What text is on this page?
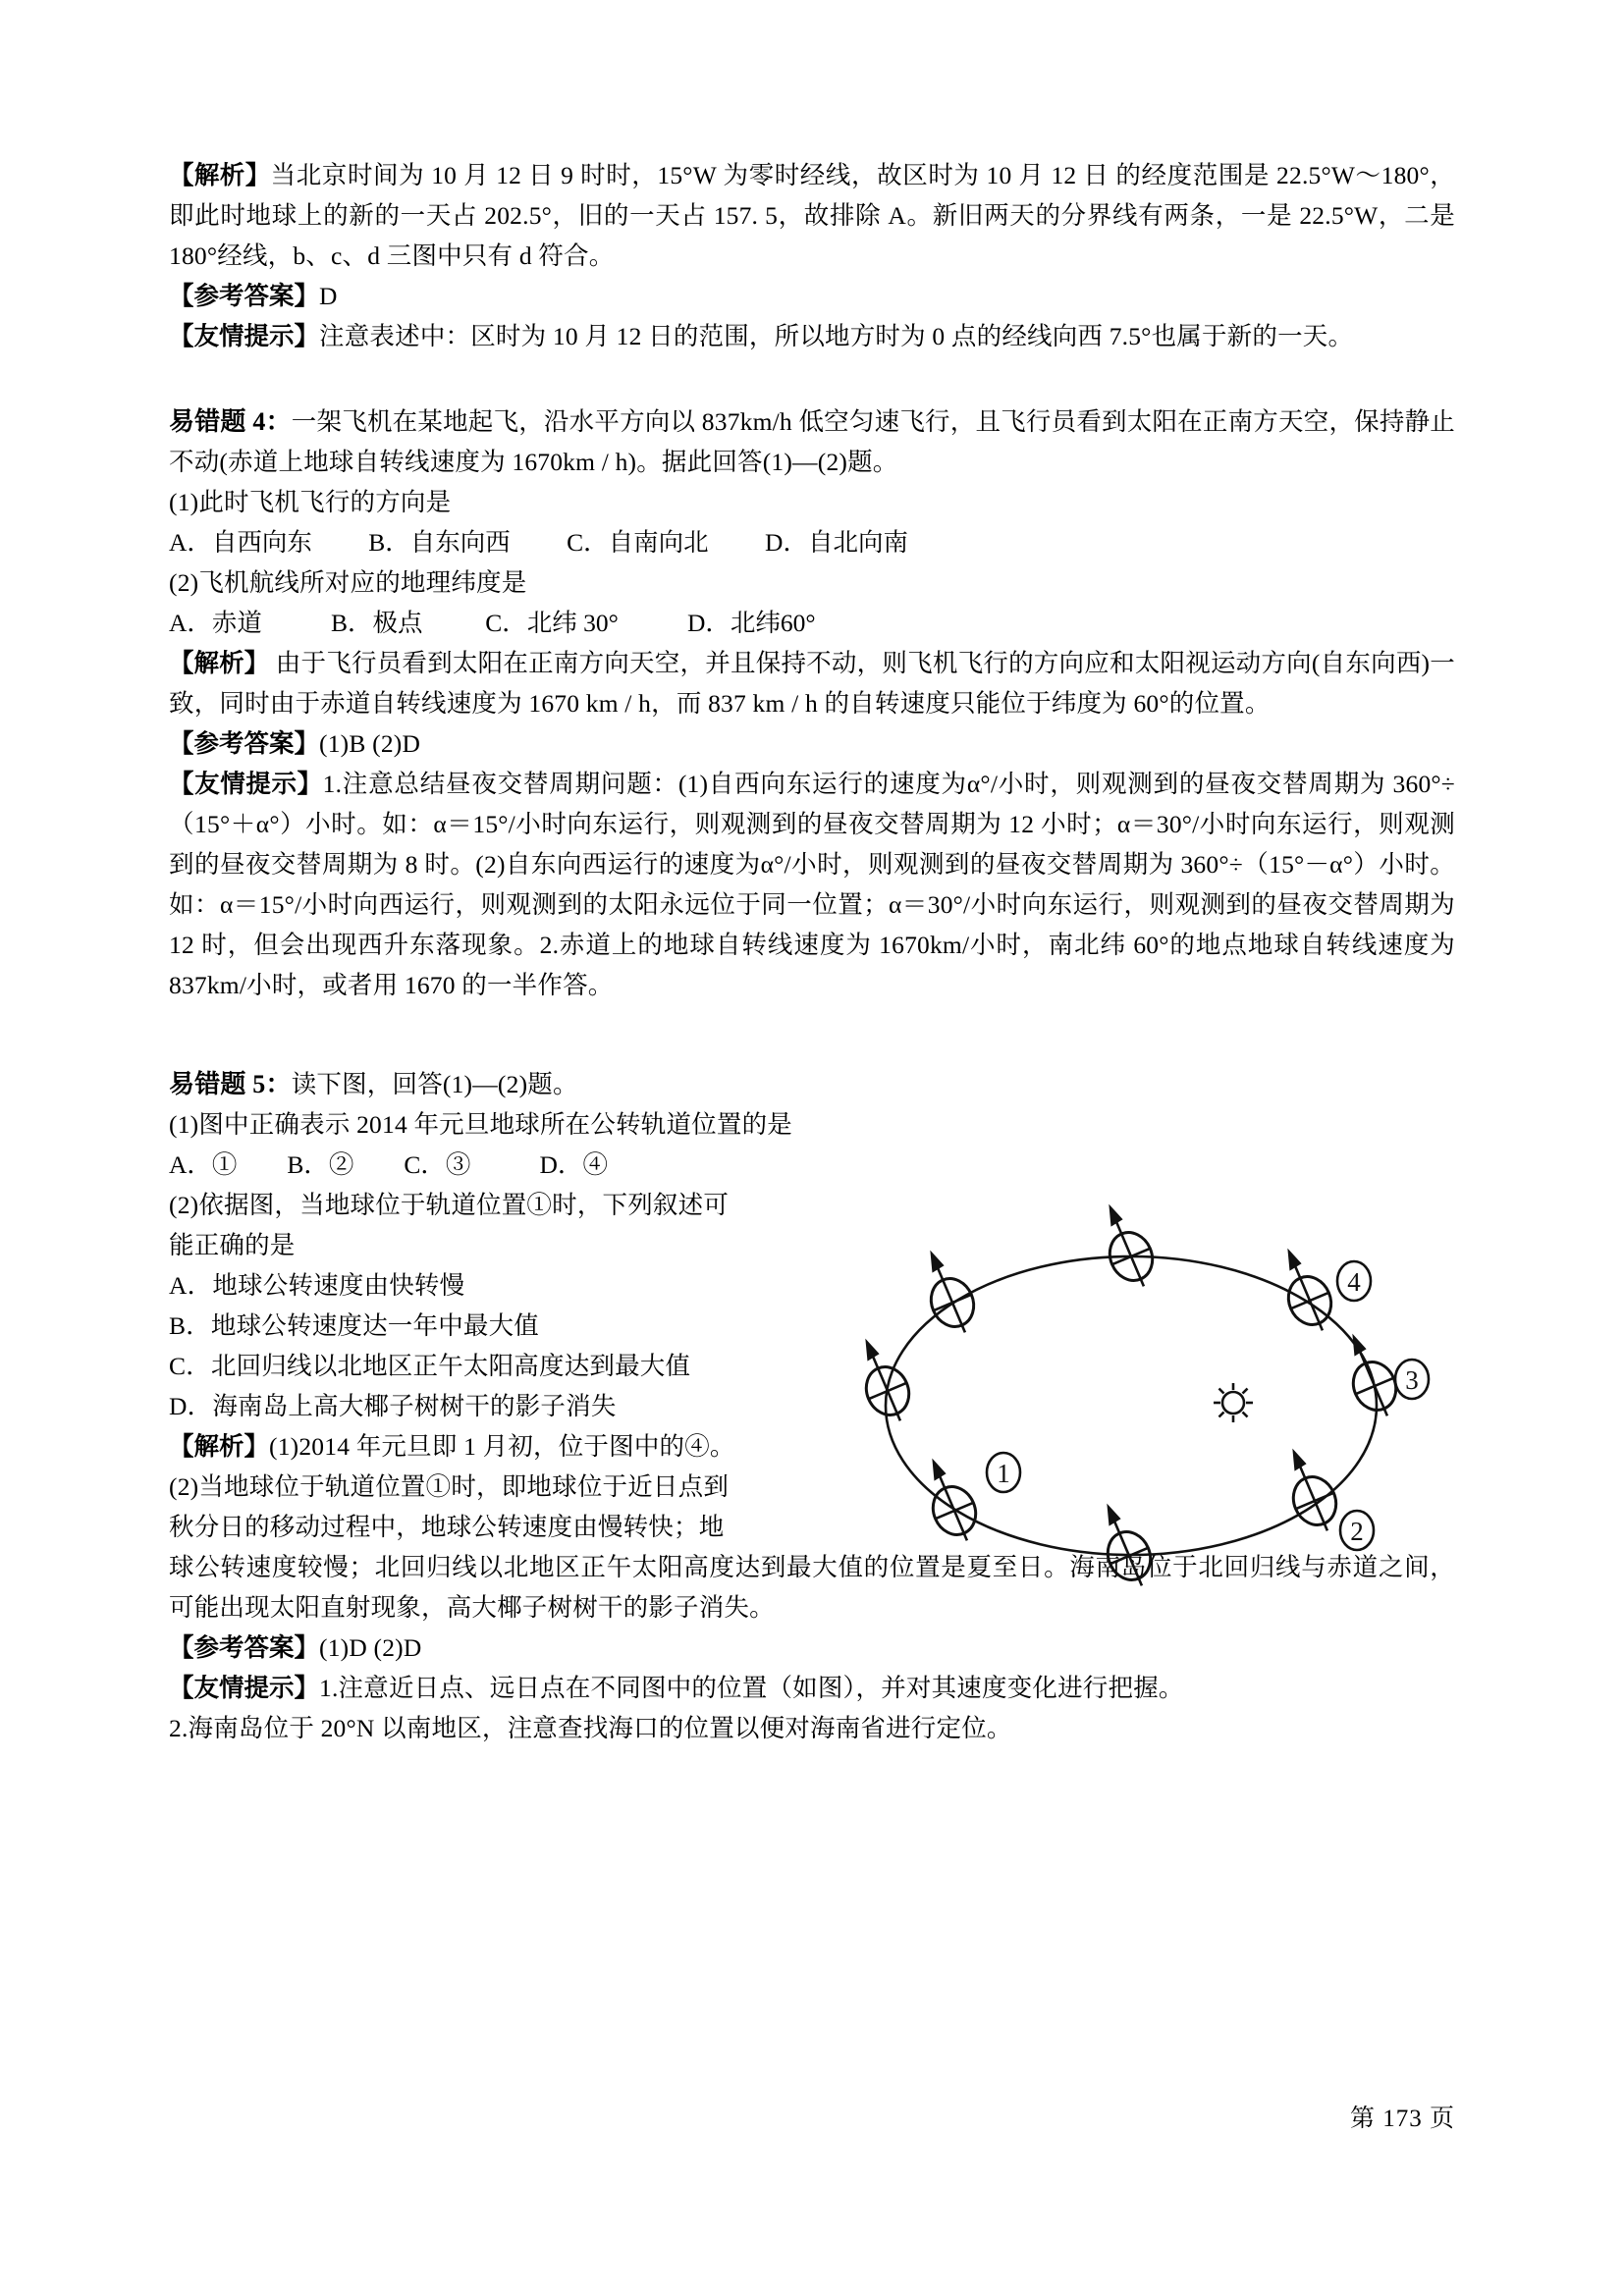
【解析】当北京时间为 10 月 12 日 9 时时，15°W 为零时经线，故区时为 10 月 12 日 的经度范围是 22.5°W～180°，即此时地球上的新的一天占 202.5°，旧的一天占 157. 5，故排除 A。新旧两天的分界线有两条，一是 22.5°W，二是 180°经线，b、c、d 三图中只有 d 符合。
【参考答案】D
【友情提示】注意表述中：区时为 10 月 12 日的范围，所以地方时为 0 点的经线向西 7.5°也属于新的一天。
易错题 4：一架飞机在某地起飞，沿水平方向以 837km/h 低空匀速飞行，且飞行员看到太阳在正南方天空，保持静止不动(赤道上地球自转线速度为 1670km / h)。据此回答(1)—(2)题。
(1)此时飞机飞行的方向是
A．自西向东         B．自东向西         C．自南向北         D．自北向南
(2)飞机航线所对应的地理纬度是
A．赤道           B．极点          C．北纬 30°           D．北纬60°
【解析】 由于飞行员看到太阳在正南方向天空，并且保持不动，则飞机飞行的方向应和太阳视运动方向(自东向西)一致，同时由于赤道自转线速度为 1670 km / h，而 837 km / h 的自转速度只能位于纬度为 60°的位置。
【参考答案】(1)B (2)D
【友情提示】1.注意总结昼夜交替周期问题：(1)自西向东运行的速度为α°/小时，则观测到的昼夜交替周期为 360°÷（15°＋α°）小时。如：α＝15°/小时向东运行，则观测到的昼夜交替周期为 12 小时；α＝30°/小时向东运行，则观测到的昼夜交替周期为 8 时。(2)自东向西运行的速度为α°/小时，则观测到的昼夜交替周期为 360°÷（15°－α°）小时。如：α＝15°/小时向西运行，则观测到的太阳永远位于同一位置；α＝30°/小时向东运行，则观测到的昼夜交替周期为 12 时，但会出现西升东落现象。2.赤道上的地球自转线速度为 1670km/小时，南北纬 60°的地点地球自转线速度为 837km/小时，或者用 1670 的一半作答。
易错题 5：读下图，回答(1)—(2)题。
(1)图中正确表示 2014 年元旦地球所在公转轨道位置的是
A．①        B．②        C．③           D．④
(2)依据图，当地球位于轨道位置①时，下列叙述可
能正确的是
A．地球公转速度由快转慢
B．地球公转速度达一年中最大值
C．北回归线以北地区正午太阳高度达到最大值
D．海南岛上高大椰子树树干的影子消失
【解析】(1)2014 年元旦即 1 月初，位于图中的④。
(2)当地球位于轨道位置①时，即地球位于近日点到
秋分日的移动过程中，地球公转速度由慢转快；地
4
3
2
1
球公转速度较慢；北回归线以北地区正午太阳高度达到最大值的位置是夏至日。海南岛位于北回归线与赤道之间，可能出现太阳直射现象，高大椰子树树干的影子消失。
【参考答案】(1)D (2)D
【友情提示】1.注意近日点、远日点在不同图中的位置（如图），并对其速度变化进行把握。
2.海南岛位于 20°N 以南地区，注意查找海口的位置以便对海南省进行定位。
第 173 页
